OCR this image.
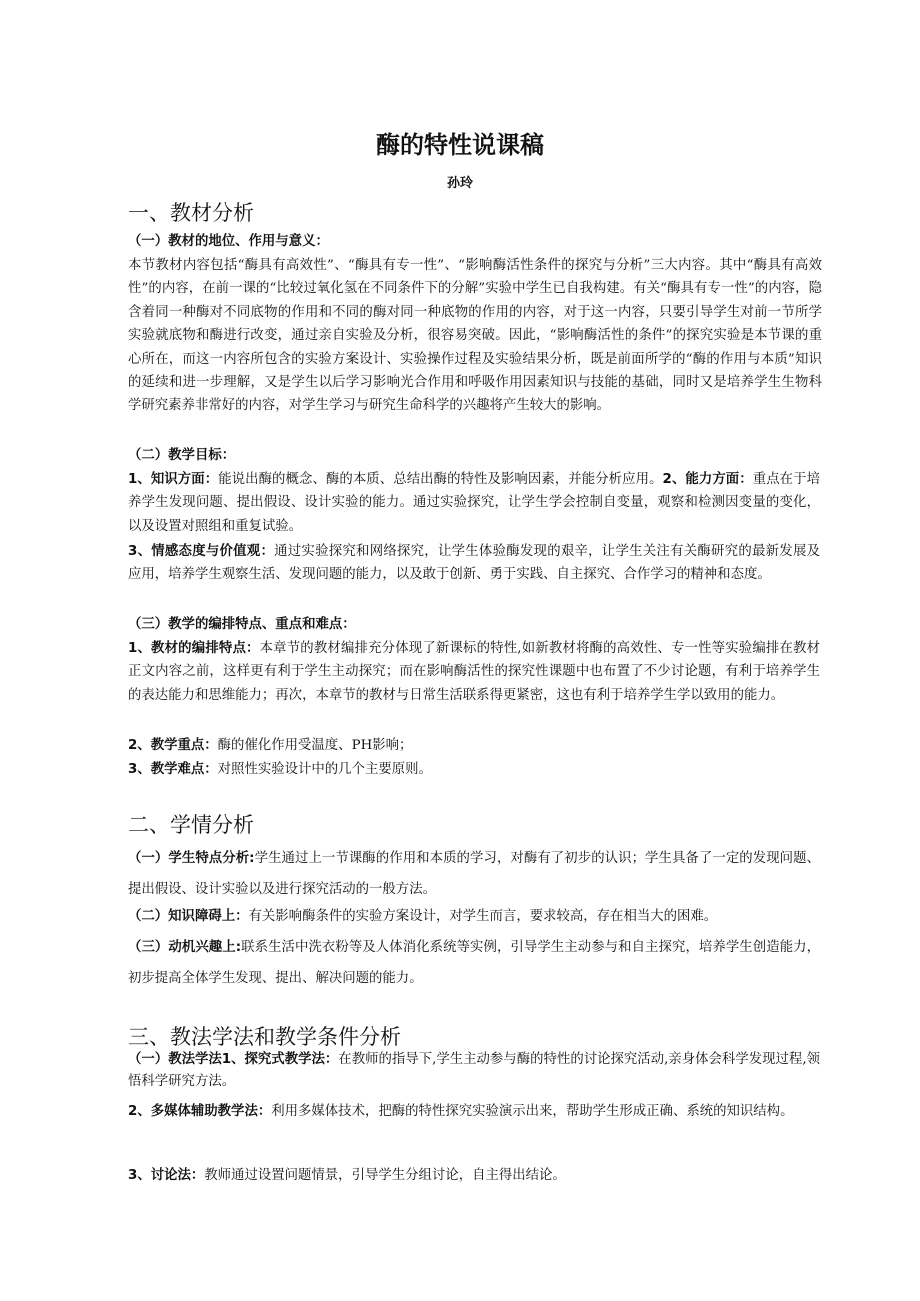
酶的特性说课稿
孙玲
一、教材分析

（一）教材的地位、作用与意义：

本节教材内容包括“酶具有高效性”、“酶具有专一性”、“影响酶活性条件的探究与分析”三大内容。其中“酶具有高效性”的内容，在前一课的“比较过氧化氢在不同条件下的分解”实验中学生已自我构建。有关“酶具有专一性”的内容，隐含着同一种酶对不同底物的作用和不同的酶对同一种底物的作用的内容，对于这一内容，只要引导学生对前一节所学实验就底物和酶进行改变，通过亲自实验及分析，很容易突破。因此，“影响酶活性的条件”的探究实验是本节课的重心所在，而这一内容所包含的实验方案设计、实验操作过程及实验结果分析，既是前面所学的“酶的作用与本质”知识的延续和进一步理解，又是学生以后学习影响光合作用和呼吸作用因素知识与技能的基础，同时又是培养学生生物科学研究素养非常好的内容，对学生学习与研究生命科学的兴趣将产生较大的影响。

（二）教学目标：

1、知识方面：能说出酶的概念、酶的本质、总结出酶的特性及影响因素，并能分析应用。2、能力方面：重点在于培养学生发现问题、提出假设、设计实验的能力。通过实验探究，让学生学会控制自变量，观察和检测因变量的变化，以及设置对照组和重复试验。

3、情感态度与价值观：通过实验探究和网络探究，让学生体验酶发现的艰辛，让学生关注有关酶研究的最新发展及应用，培养学生观察生活、发现问题的能力，以及敢于创新、勇于实践、自主探究、合作学习的精神和态度。

（三）教学的编排特点、重点和难点：

1、教材的编排特点：本章节的教材编排充分体现了新课标的特性,如新教材将酶的高效性、专一性等实验编排在教材正文内容之前，这样更有利于学生主动探究；而在影响酶活性的探究性课题中也布置了不少讨论题，有利于培养学生的表达能力和思维能力；再次，本章节的教材与日常生活联系得更紧密，这也有利于培养学生学以致用的能力。

2、教学重点：酶的催化作用受温度、PH影响；

3、教学难点：对照性实验设计中的几个主要原则。

二、学情分析

（一）学生特点分析:学生通过上一节课酶的作用和本质的学习，对酶有了初步的认识；学生具备了一定的发现问题、提出假设、设计实验以及进行探究活动的一般方法。

（二）知识障碍上：有关影响酶条件的实验方案设计，对学生而言，要求较高，存在相当大的困难。

（三）动机兴趣上:联系生活中洗衣粉等及人体消化系统等实例，引导学生主动参与和自主探究，培养学生创造能力，初步提高全体学生发现、提出、解决问题的能力。

三、教法学法和教学条件分析

（一）教法学法1、探究式教学法：在教师的指导下,学生主动参与酶的特性的讨论探究活动,亲身体会科学发现过程,领悟科学研究方法。

2、多媒体辅助教学法：利用多媒体技术，把酶的特性探究实验演示出来，帮助学生形成正确、系统的知识结构。

3、讨论法：教师通过设置问题情景，引导学生分组讨论，自主得出结论。
